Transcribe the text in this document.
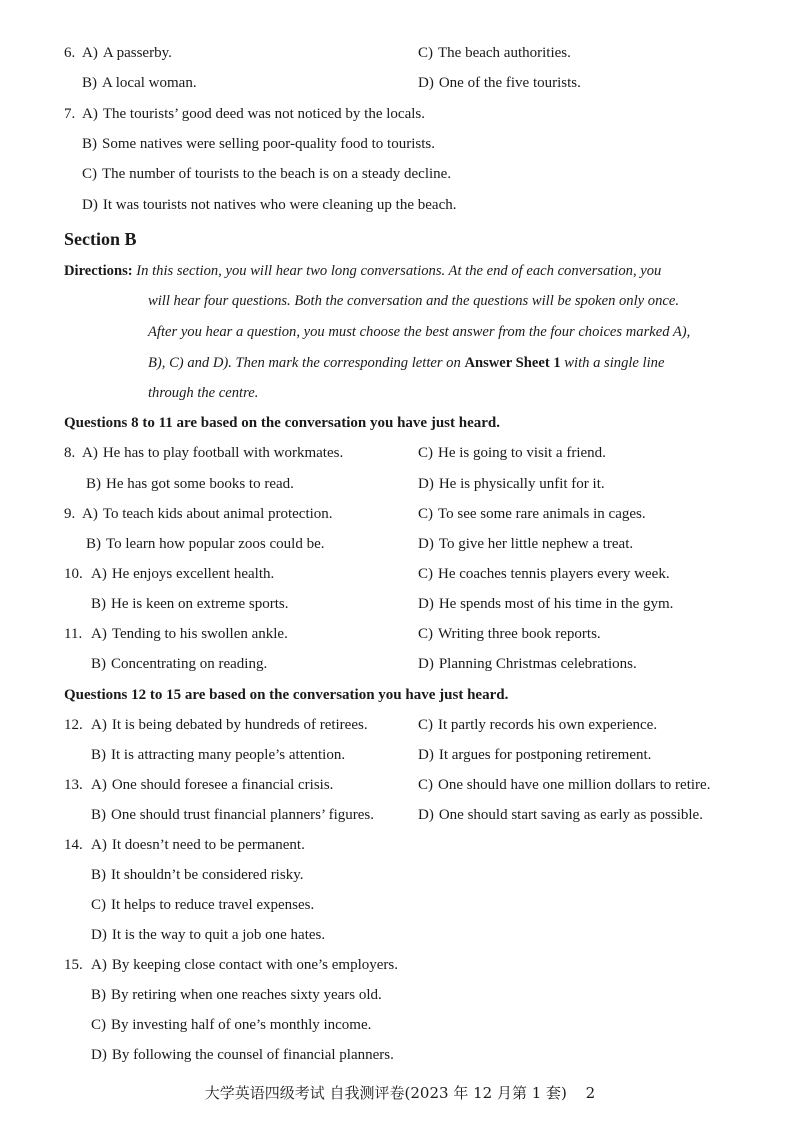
6. A) A passerby.	C) The beach authorities.
B) A local woman.	D) One of the five tourists.
7. A) The tourists’ good deed was not noticed by the locals.
B) Some natives were selling poor-quality food to tourists.
C) The number of tourists to the beach is on a steady decline.
D) It was tourists not natives who were cleaning up the beach.
Section B
Directions: In this section, you will hear two long conversations. At the end of each conversation, you
will hear four questions. Both the conversation and the questions will be spoken only once.
After you hear a question, you must choose the best answer from the four choices marked A),
B), C) and D). Then mark the corresponding letter on Answer Sheet 1 with a single line
through the centre.
Questions 8 to 11 are based on the conversation you have just heard.
8. A) He has to play football with workmates.	C) He is going to visit a friend.
B) He has got some books to read.	D) He is physically unfit for it.
9. A) To teach kids about animal protection.	C) To see some rare animals in cages.
B) To learn how popular zoos could be.	D) To give her little nephew a treat.
10. A) He enjoys excellent health.	C) He coaches tennis players every week.
B) He is keen on extreme sports.	D) He spends most of his time in the gym.
11. A) Tending to his swollen ankle.	C) Writing three book reports.
B) Concentrating on reading.	D) Planning Christmas celebrations.
Questions 12 to 15 are based on the conversation you have just heard.
12. A) It is being debated by hundreds of retirees.	C) It partly records his own experience.
B) It is attracting many people’s attention.	D) It argues for postponing retirement.
13. A) One should foresee a financial crisis.	C) One should have one million dollars to retire.
B) One should trust financial planners’ figures.	D) One should start saving as early as possible.
14. A) It doesn’t need to be permanent.
B) It shouldn’t be considered risky.
C) It helps to reduce travel expenses.
D) It is the way to quit a job one hates.
15. A) By keeping close contact with one’s employers.
B) By retiring when one reaches sixty years old.
C) By investing half of one’s monthly income.
D) By following the counsel of financial planners.
大学英语四级考试 自我测评卷(2023 年 12 月第 1 套) 2
